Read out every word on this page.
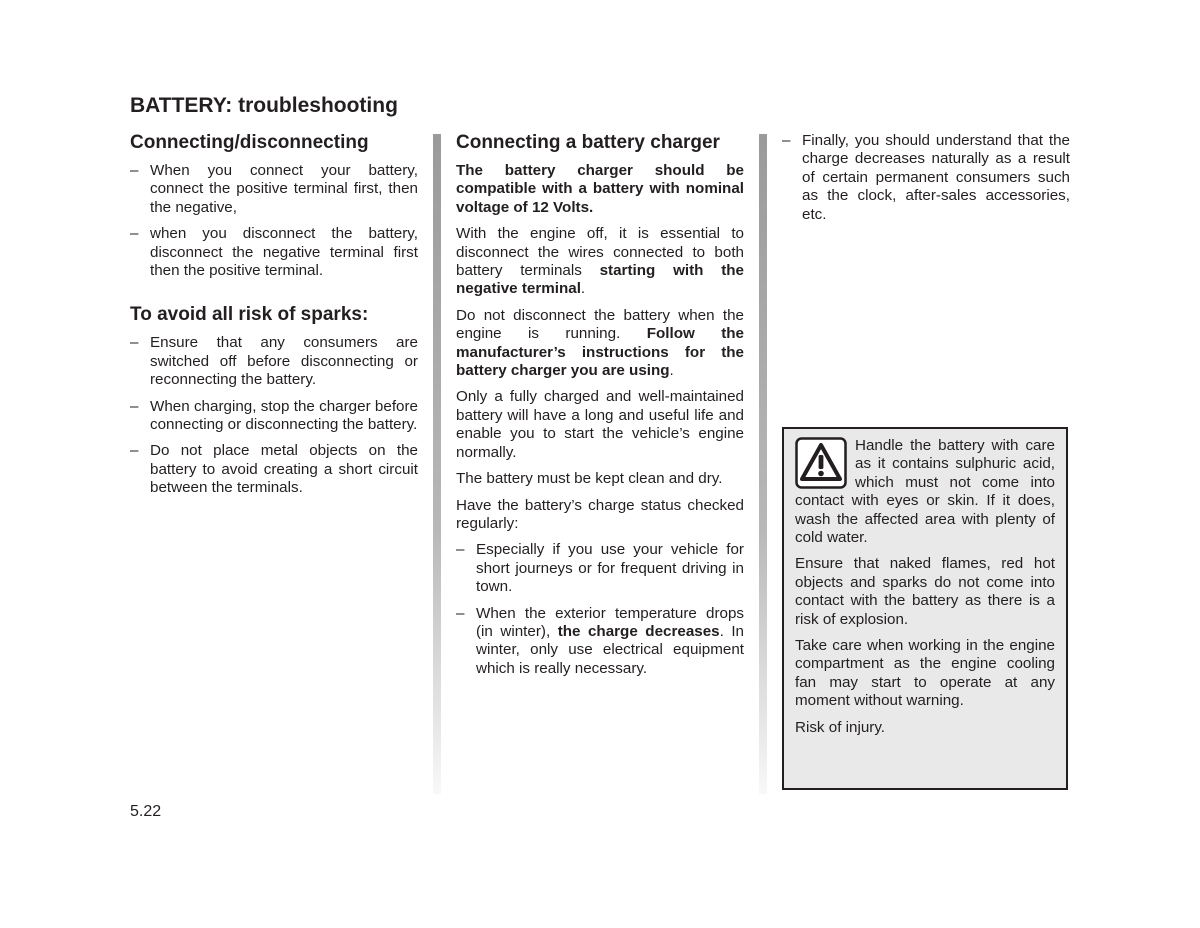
BATTERY: troubleshooting
Connecting/disconnecting
– When you connect your battery, connect the positive terminal first, then the negative,
– when you disconnect the battery, disconnect the negative terminal first then the positive terminal.
To avoid all risk of sparks:
– Ensure that any consumers are switched off before disconnecting or reconnecting the battery.
– When charging, stop the charger before connecting or disconnecting the battery.
– Do not place metal objects on the battery to avoid creating a short circuit between the terminals.
Connecting a battery charger

The battery charger should be compatible with a battery with nominal voltage of 12 Volts.

With the engine off, it is essential to disconnect the wires connected to both battery terminals starting with the negative terminal.

Do not disconnect the battery when the engine is running. Follow the manufacturer’s instructions for the battery charger you are using.

Only a fully charged and well-maintained battery will have a long and useful life and enable you to start the vehicle’s engine normally.

The battery must be kept clean and dry.

Have the battery’s charge status checked regularly:

– Especially if you use your vehicle for short journeys or for frequent driving in town.
– When the exterior temperature drops (in winter), the charge decreases. In winter, only use electrical equipment which is really necessary.
– Finally, you should understand that the charge decreases naturally as a result of certain permanent consumers such as the clock, after-sales accessories, etc.

Handle the battery with care as it contains sulphuric acid, which must not come into contact with eyes or skin. If it does, wash the affected area with plenty of cold water.

Ensure that naked flames, red hot objects and sparks do not come into contact with the battery as there is a risk of explosion.

Take care when working in the engine compartment as the engine cooling fan may start to operate at any moment without warning.

Risk of injury.

5.22
